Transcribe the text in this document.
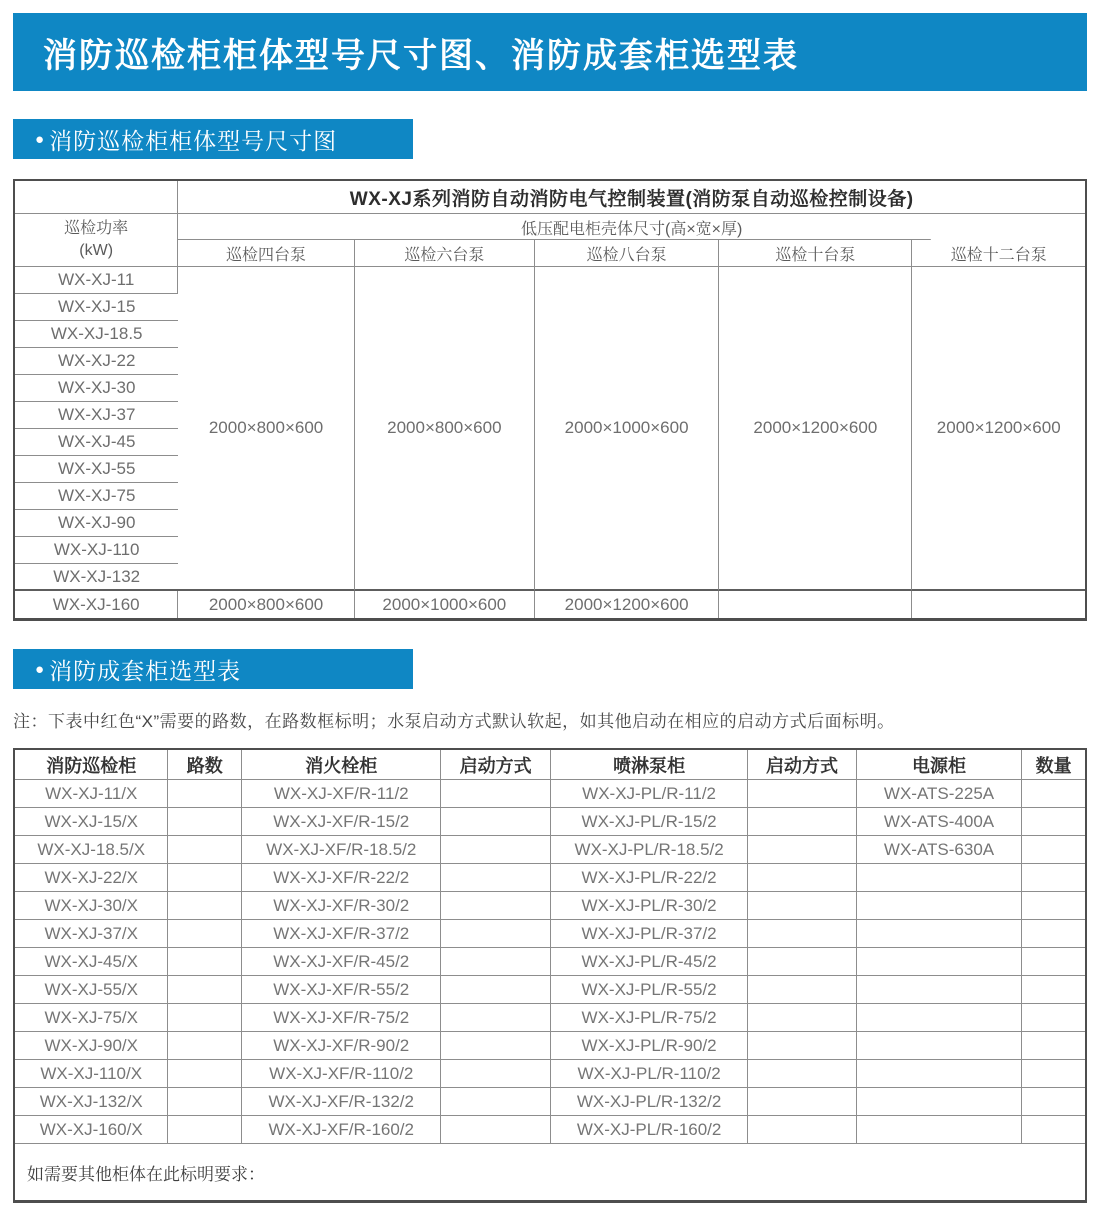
消防巡检柜柜体型号尺寸图、消防成套柜选型表
● 消防巡检柜柜体型号尺寸图
	WX-XJ系列消防自动消防电气控制装置(消防泵自动巡检控制设备)				
巡检功率
(kW)	低压配电柜壳体尺寸(高×宽×厚)				
	巡检四台泵	巡检六台泵	巡检八台泵	巡检十台泵	巡检十二台泵
WX-XJ-11	2000×800×600	2000×800×600	2000×1000×600	2000×1200×600	2000×1200×600
WX-XJ-15					
WX-XJ-18.5					
WX-XJ-22					
WX-XJ-30					
WX-XJ-37					
WX-XJ-45					
WX-XJ-55					
WX-XJ-75					
WX-XJ-90					
WX-XJ-110					
WX-XJ-132					
WX-XJ-160	2000×800×600	2000×1000×600	2000×1200×600		
● 消防成套柜选型表
注：下表中红色“X”需要的路数，在路数框标明；水泵启动方式默认软起，如其他启动在相应的启动方式后面标明。
消防巡检柜	路数	消火栓柜	启动方式	喷淋泵柜	启动方式	电源柜	数量
WX-XJ-11/X		WX-XJ-XF/R-11/2		WX-XJ-PL/R-11/2		WX-ATS-225A	
WX-XJ-15/X		WX-XJ-XF/R-15/2		WX-XJ-PL/R-15/2		WX-ATS-400A	
WX-XJ-18.5/X		WX-XJ-XF/R-18.5/2		WX-XJ-PL/R-18.5/2		WX-ATS-630A	
WX-XJ-22/X		WX-XJ-XF/R-22/2		WX-XJ-PL/R-22/2			
WX-XJ-30/X		WX-XJ-XF/R-30/2		WX-XJ-PL/R-30/2			
WX-XJ-37/X		WX-XJ-XF/R-37/2		WX-XJ-PL/R-37/2			
WX-XJ-45/X		WX-XJ-XF/R-45/2		WX-XJ-PL/R-45/2			
WX-XJ-55/X		WX-XJ-XF/R-55/2		WX-XJ-PL/R-55/2			
WX-XJ-75/X		WX-XJ-XF/R-75/2		WX-XJ-PL/R-75/2			
WX-XJ-90/X		WX-XJ-XF/R-90/2		WX-XJ-PL/R-90/2			
WX-XJ-110/X		WX-XJ-XF/R-110/2		WX-XJ-PL/R-110/2			
WX-XJ-132/X		WX-XJ-XF/R-132/2		WX-XJ-PL/R-132/2			
WX-XJ-160/X		WX-XJ-XF/R-160/2		WX-XJ-PL/R-160/2			
如需要其他柜体在此标明要求：							
